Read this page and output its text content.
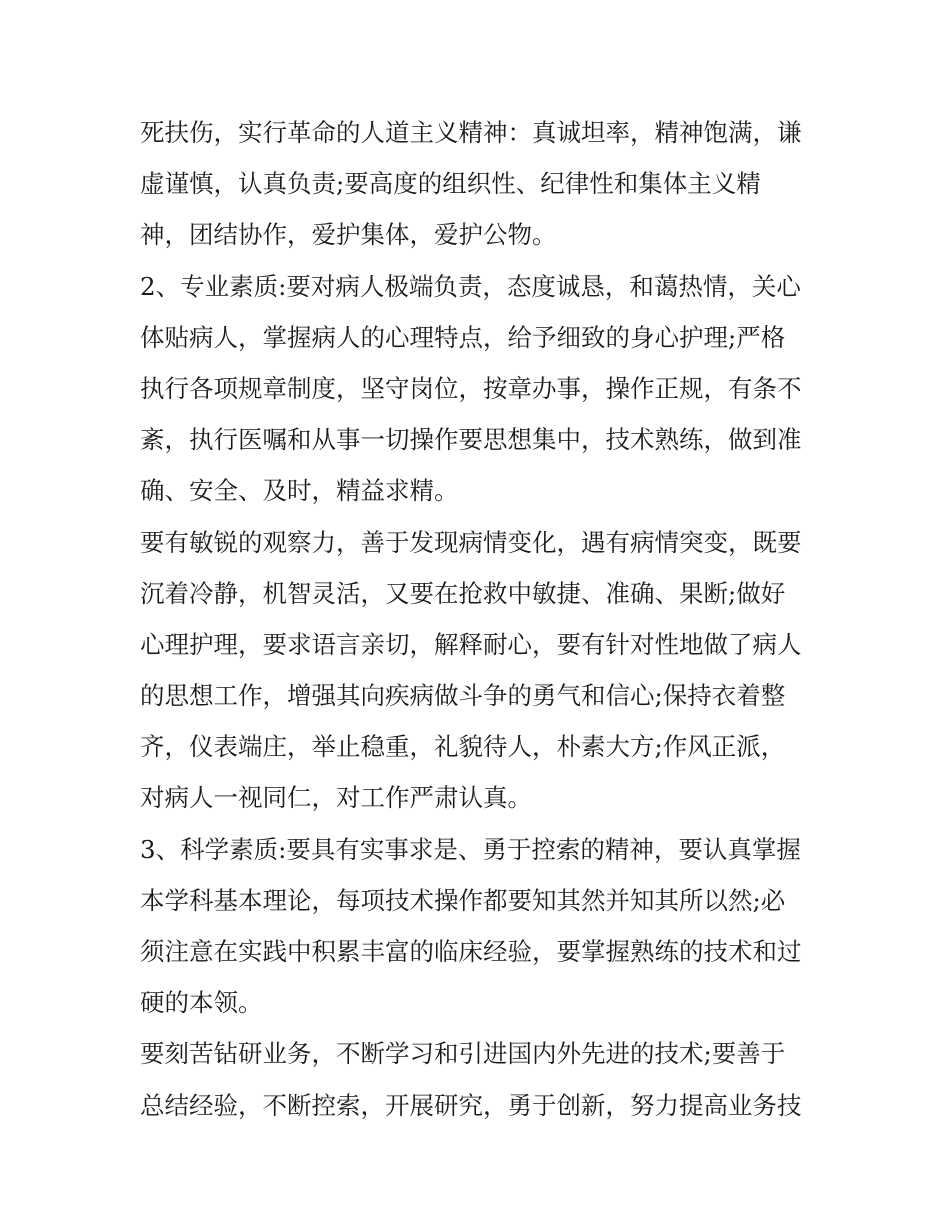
死扶伤，实行革命的人道主义精神：真诚坦率，精神饱满，谦
虚谨慎，认真负责;要高度的组织性、纪律性和集体主义精
神，团结协作，爱护集体，爱护公物。
2、专业素质:要对病人极端负责，态度诚恳，和蔼热情，关心
体贴病人，掌握病人的心理特点，给予细致的身心护理;严格
执行各项规章制度，坚守岗位，按章办事，操作正规，有条不
紊，执行医嘱和从事一切操作要思想集中，技术熟练，做到准
确、安全、及时，精益求精。
要有敏锐的观察力，善于发现病情变化，遇有病情突变，既要
沉着冷静，机智灵活，又要在抢救中敏捷、准确、果断;做好
心理护理，要求语言亲切，解释耐心，要有针对性地做了病人
的思想工作，增强其向疾病做斗争的勇气和信心;保持衣着整
齐，仪表端庄，举止稳重，礼貌待人，朴素大方;作风正派，
对病人一视同仁，对工作严肃认真。
3、科学素质:要具有实事求是、勇于控索的精神，要认真掌握
本学科基本理论，每项技术操作都要知其然并知其所以然;必
须注意在实践中积累丰富的临床经验，要掌握熟练的技术和过
硬的本领。
要刻苦钻研业务，不断学习和引进国内外先进的技术;要善于
总结经验，不断控索，开展研究，勇于创新，努力提高业务技
